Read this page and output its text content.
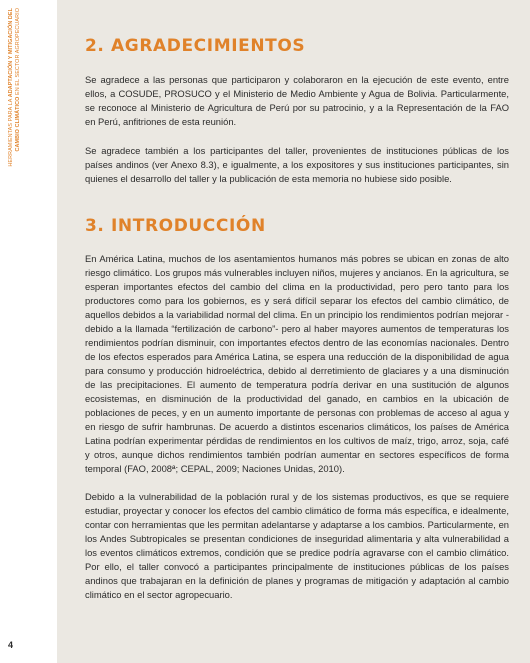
HERRAMIENTAS PARA LA ADAPTACIÓN Y MITIGACIÓN DEL
CAMBIO CLIMÁTICO EN EL SECTOR AGROPECUARIO
4
2. AGRADECIMIENTOS

Se agradece a las personas que participaron y colaboraron en la ejecución de este evento, entre ellos, a COSUDE, PROSUCO y el Ministerio de Medio Ambiente y Agua de Bolivia. Particularmente, se reconoce al Ministerio de Agricultura de Perú por su patrocinio, y a la Representación de la FAO en Perú, anfitriones de esta reunión.

Se agradece también a los participantes del taller, provenientes de instituciones públicas de los países andinos (ver Anexo 8.3), e igualmente, a los expositores y sus instituciones participantes, sin quienes el desarrollo del taller y la publicación de esta memoria no hubiese sido posible.

3. INTRODUCCIÓN

En América Latina, muchos de los asentamientos humanos más pobres se ubican en zonas de alto riesgo climático. Los grupos más vulnerables incluyen niños, mujeres y ancianos. En la agricultura, se esperan importantes efectos del cambio del clima en la productividad, pero pero tanto para los productores como para los gobiernos, es y será difícil separar los efectos del cambio climático, de aquellos debidos a la variabilidad normal del clima. En un principio los rendimientos podrían mejorar -debido a la llamada “fertilización de carbono”- pero al haber mayores aumentos de temperaturas los rendimientos podrían disminuir, con importantes efectos dentro de las economías nacionales. Dentro de los efectos esperados para América Latina, se espera una reducción de la disponibilidad de agua para consumo y producción hidroeléctrica, debido al derretimiento de glaciares y a una disminución de las precipitaciones. El aumento de temperatura podría derivar en una sustitución de algunos ecosistemas, en disminución de la productividad del ganado, en cambios en la ubicación de poblaciones de peces, y en un aumento importante de personas con problemas de acceso al agua y en riesgo de sufrir hambrunas. De acuerdo a distintos escenarios climáticos, los países de América Latina podrían experimentar pérdidas de rendimientos en los cultivos de maíz, trigo, arroz, soja, café y otros, aunque dichos rendimientos también podrían aumentar en sectores específicos de forma temporal (FAO, 2008ª; CEPAL, 2009; Naciones Unidas, 2010).

Debido a la vulnerabilidad de la población rural y de los sistemas productivos, es que se requiere estudiar, proyectar y conocer los efectos del cambio climático de forma más específica, e idealmente, contar con herramientas que les permitan adelantarse y adaptarse a los cambios. Particularmente, en los Andes Subtropicales se presentan condiciones de inseguridad alimentaria y alta vulnerabilidad a los eventos climáticos extremos, condición que se predice podría agravarse con el cambio climático. Por ello, el taller convocó a participantes principalmente de instituciones públicas de los países andinos que trabajaran en la definición de planes y programas de mitigación y adaptación al cambio climático en el sector agropecuario.
